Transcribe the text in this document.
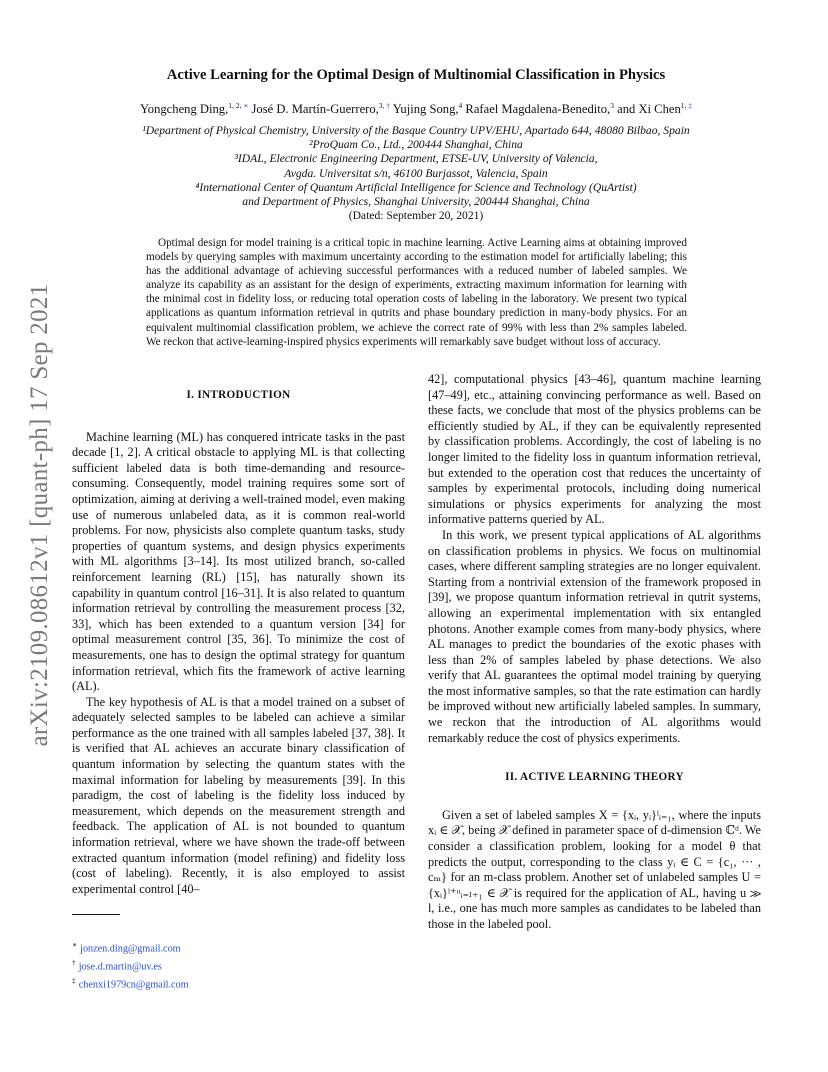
arXiv:2109.08612v1 [quant-ph] 17 Sep 2021
Active Learning for the Optimal Design of Multinomial Classification in Physics
Yongcheng Ding,$^{1, 2,}$ ∗ José D. Martín-Guerrero,$^{3,}$ † Yujing Song,$^4$ Rafael Magdalena-Benedito,$^3$ and Xi Chen$^{1,}$ ‡
¹Department of Physical Chemistry, University of the Basque Country UPV/EHU, Apartado 644, 48080 Bilbao, Spain
²ProQuam Co., Ltd., 200444 Shanghai, China
³IDAL, Electronic Engineering Department, ETSE-UV, University of Valencia,
Avgda. Universitat s/n, 46100 Burjassot, Valencia, Spain
⁴International Center of Quantum Artificial Intelligence for Science and Technology (QuArtist)
and Department of Physics, Shanghai University, 200444 Shanghai, China
(Dated: September 20, 2021)
Optimal design for model training is a critical topic in machine learning. Active Learning aims at obtaining improved models by querying samples with maximum uncertainty according to the estimation model for artificially labeling; this has the additional advantage of achieving successful performances with a reduced number of labeled samples. We analyze its capability as an assistant for the design of experiments, extracting maximum information for learning with the minimal cost in fidelity loss, or reducing total operation costs of labeling in the laboratory. We present two typical applications as quantum information retrieval in qutrits and phase boundary prediction in many-body physics. For an equivalent multinomial classification problem, we achieve the correct rate of 99% with less than 2% samples labeled. We reckon that active-learning-inspired physics experiments will remarkably save budget without loss of accuracy.
I. INTRODUCTION

Machine learning (ML) has conquered intricate tasks in the past decade [1, 2]. A critical obstacle to applying ML is that collecting sufficient labeled data is both time-demanding and resource-consuming. Consequently, model training requires some sort of optimization, aiming at deriving a well-trained model, even making use of numerous unlabeled data, as it is common real-world problems. For now, physicists also complete quantum tasks, study properties of quantum systems, and design physics experiments with ML algorithms [3–14]. Its most utilized branch, so-called reinforcement learning (RL) [15], has naturally shown its capability in quantum control [16–31]. It is also related to quantum information retrieval by controlling the measurement process [32, 33], which has been extended to a quantum version [34] for optimal measurement control [35, 36]. To minimize the cost of measurements, one has to design the optimal strategy for quantum information retrieval, which fits the framework of active learning (AL).

The key hypothesis of AL is that a model trained on a subset of adequately selected samples to be labeled can achieve a similar performance as the one trained with all samples labeled [37, 38]. It is verified that AL achieves an accurate binary classification of quantum information by selecting the quantum states with the maximal information for labeling by measurements [39]. In this paradigm, the cost of labeling is the fidelity loss induced by measurement, which depends on the measurement strength and feedback. The application of AL is not bounded to quantum information retrieval, where we have shown the trade-off between extracted quantum information (model refining) and fidelity loss (cost of labeling). Recently, it is also employed to assist experimental control [40–

42], computational physics [43–46], quantum machine learning [47–49], etc., attaining convincing performance as well. Based on these facts, we conclude that most of the physics problems can be efficiently studied by AL, if they can be equivalently represented by classification problems. Accordingly, the cost of labeling is no longer limited to the fidelity loss in quantum information retrieval, but extended to the operation cost that reduces the uncertainty of samples by experimental protocols, including doing numerical simulations or physics experiments for analyzing the most informative patterns queried by AL.

In this work, we present typical applications of AL algorithms on classification problems in physics. We focus on multinomial cases, where different sampling strategies are no longer equivalent. Starting from a nontrivial extension of the framework proposed in [39], we propose quantum information retrieval in qutrit systems, allowing an experimental implementation with six entangled photons. Another example comes from many-body physics, where AL manages to predict the boundaries of the exotic phases with less than 2% of samples labeled by phase detections. We also verify that AL guarantees the optimal model training by querying the most informative samples, so that the rate estimation can hardly be improved without new artificially labeled samples. In summary, we reckon that the introduction of AL algorithms would remarkably reduce the cost of physics experiments.

II. ACTIVE LEARNING THEORY

Given a set of labeled samples X = {xᵢ, yᵢ}ˡᵢ₌₁, where the inputs xᵢ ∈ 𝒳, being 𝒳 defined in parameter space of d-dimension ℂᵈ. We consider a classification problem, looking for a model θ that predicts the output, corresponding to the class yᵢ ∈ C = {c₁, ··· , cₘ} for an m-class problem. Another set of unlabeled samples U = {xᵢ}ˡ⁺ᵘᵢ₌ₗ₊₁ ∈ 𝒳 is required for the application of AL, having u ≫ l, i.e., one has much more samples as candidates to be labeled than those in the labeled pool.

∗ jonzen.ding@gmail.com
† jose.d.martin@uv.es
‡ chenxi1979cn@gmail.com
